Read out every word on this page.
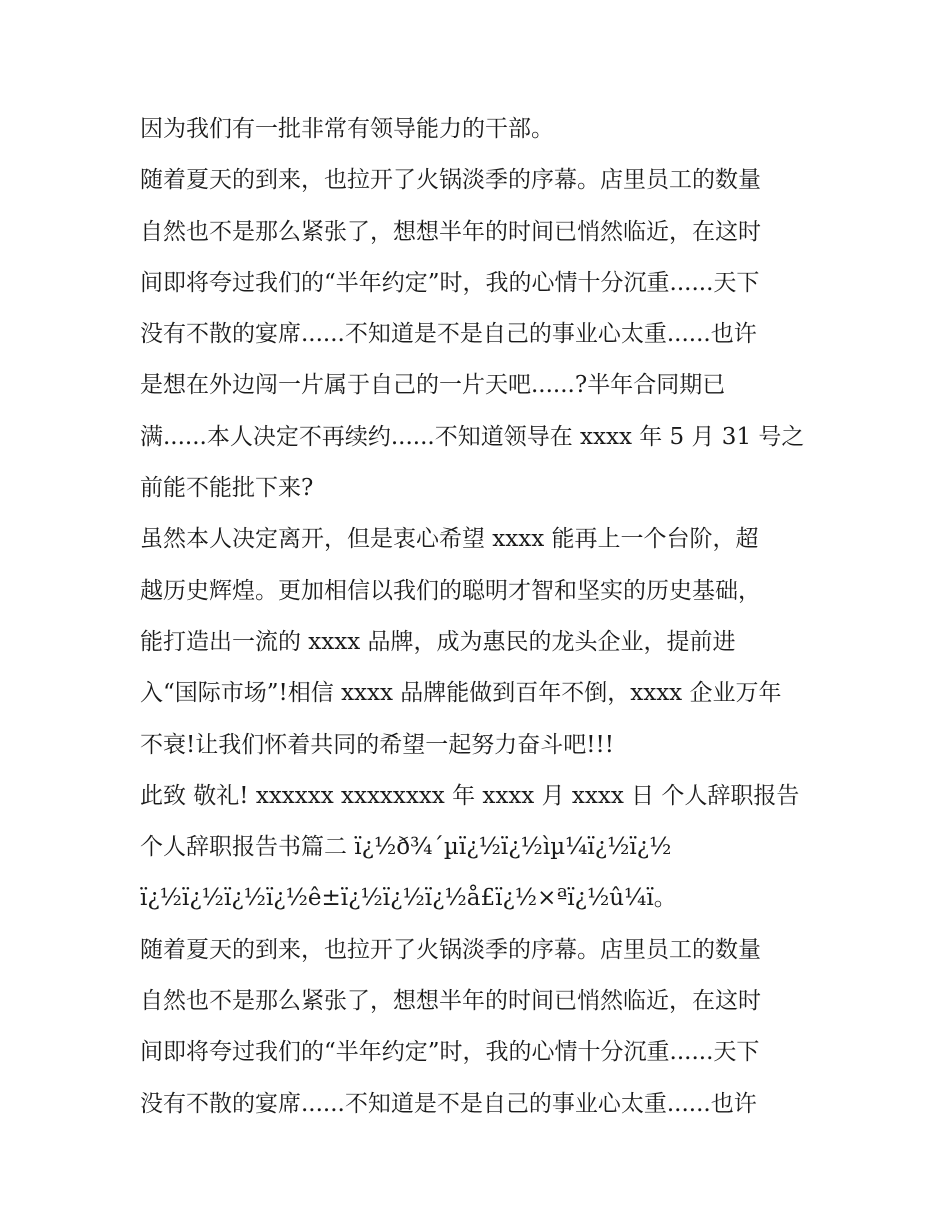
因为我们有一批非常有领导能力的干部。
随着夏天的到来，也拉开了火锅淡季的序幕。店里员工的数量
自然也不是那么紧张了，想想半年的时间已悄然临近，在这时
间即将夸过我们的“半年约定”时，我的心情十分沉重......天下
没有不散的宴席......不知道是不是自己的事业心太重......也许
是想在外边闯一片属于自己的一片天吧......?半年合同期已
满......本人决定不再续约......不知道领导在 xxxx 年 5 月 31 号之
前能不能批下来?
虽然本人决定离开，但是衷心希望 xxxx 能再上一个台阶，超
越历史辉煌。更加相信以我们的聪明才智和坚实的历史基础，
能打造出一流的 xxxx 品牌，成为惠民的龙头企业，提前进
入“国际市场”!相信 xxxx 品牌能做到百年不倒，xxxx 企业万年
不衰!让我们怀着共同的希望一起努力奋斗吧!!!
此致 敬礼! xxxxxx xxxxxxxx 年 xxxx 月 xxxx 日 个人辞职报告
个人辞职报告书篇二 ï¿½ð¾´µï¿½ï¿½ìµ¼ï¿½ï¿½
ï¿½ï¿½ï¿½ï¿½ê±ï¿½ï¿½ï¿½å£ï¿½×ªï¿½û¼ï。
随着夏天的到来，也拉开了火锅淡季的序幕。店里员工的数量
自然也不是那么紧张了，想想半年的时间已悄然临近，在这时
间即将夸过我们的“半年约定”时，我的心情十分沉重......天下
没有不散的宴席......不知道是不是自己的事业心太重......也许
